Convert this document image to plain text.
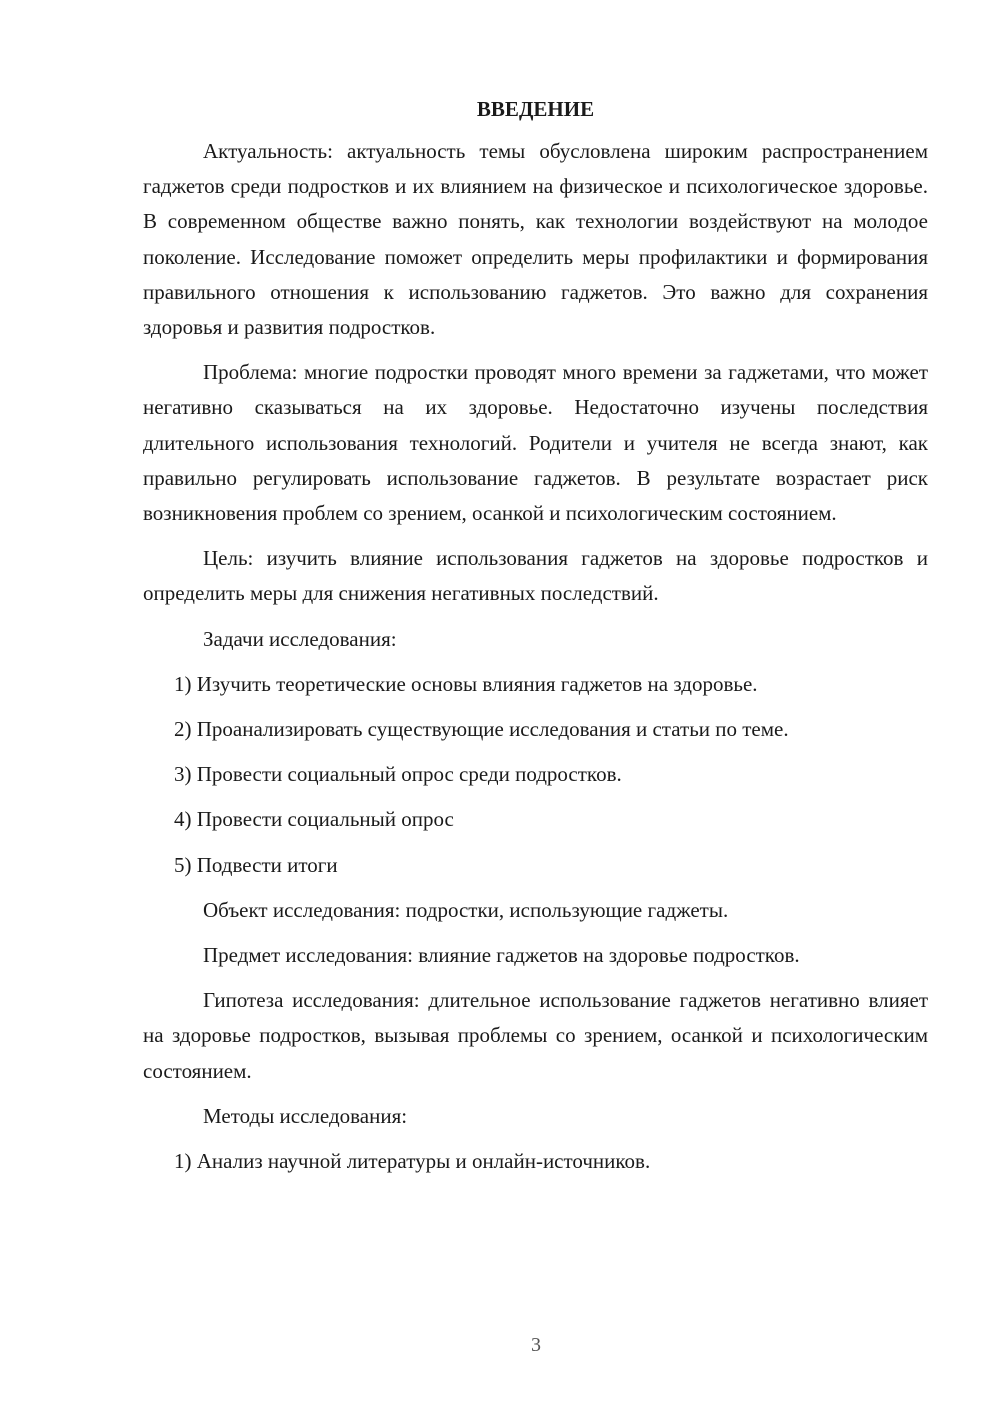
ВВЕДЕНИЕ

Актуальность: актуальность темы обусловлена широким распространением гаджетов среди подростков и их влиянием на физическое и психологическое здоровье. В современном обществе важно понять, как технологии воздействуют на молодое поколение. Исследование поможет определить меры профилактики и формирования правильного отношения к использованию гаджетов. Это важно для сохранения здоровья и развития подростков.

Проблема: многие подростки проводят много времени за гаджетами, что может негативно сказываться на их здоровье. Недостаточно изучены последствия длительного использования технологий. Родители и учителя не всегда знают, как правильно регулировать использование гаджетов. В результате возрастает риск возникновения проблем со зрением, осанкой и психологическим состоянием.

Цель: изучить влияние использования гаджетов на здоровье подростков и определить меры для снижения негативных последствий.

Задачи исследования:

1) Изучить теоретические основы влияния гаджетов на здоровье.
2) Проанализировать существующие исследования и статьи по теме.
3) Провести социальный опрос среди подростков.
4) Провести социальный опрос
5) Подвести итоги

Объект исследования: подростки, использующие гаджеты.

Предмет исследования: влияние гаджетов на здоровье подростков.

Гипотеза исследования: длительное использование гаджетов негативно влияет на здоровье подростков, вызывая проблемы со зрением, осанкой и психологическим состоянием.

Методы исследования:

1) Анализ научной литературы и онлайн-источников.
3
